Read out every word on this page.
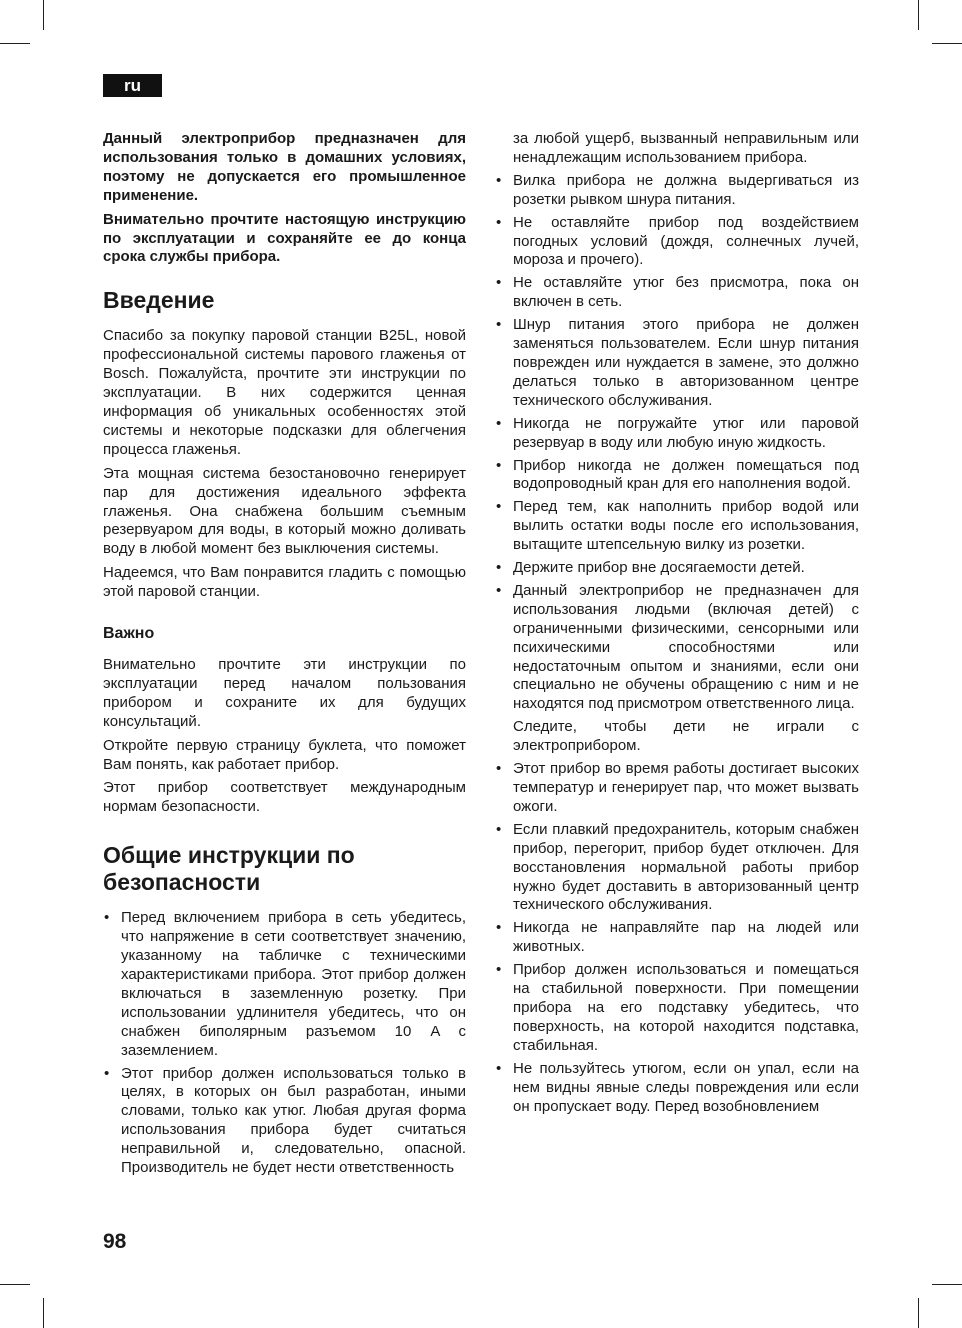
ru

Данный электроприбор предназначен для использования только в домашних условиях, поэтому не допускается его промышленное применение.

Внимательно прочтите настоящую инструкцию по эксплуатации и сохраняйте ее до конца срока службы прибора.

Введение

Спасибо за покупку паровой станции B25L, новой профессиональной системы парового глаженья от Bosch. Пожалуйста, прочтите эти инструкции по эксплуатации. В них содержится ценная информация об уникальных особенностях этой системы и некоторые подсказки для облегчения процесса глаженья.

Эта мощная система безостановочно генерирует пар для достижения идеального эффекта глаженья. Она снабжена большим съемным резервуаром для воды, в который можно доливать воду в любой момент без выключения системы.

Надеемся, что Вам понравится гладить с помощью этой паровой станции.

Важно

Внимательно прочтите эти инструкции по эксплуатации перед началом пользования прибором и сохраните их для будущих консультаций.

Откройте первую страницу буклета, что поможет Вам понять, как работает прибор.

Этот прибор соответствует международным нормам безопасности.

Общие инструкции по безопасности
• Перед включением прибора в сеть убедитесь, что напряжение в сети соответствует значению, указанному на табличке с техническими характеристиками прибора. Этот прибор должен включаться в заземленную розетку. При использовании удлинителя убедитесь, что он снабжен биполярным разъемом 10 A с заземлением.
• Этот прибор должен использоваться только в целях, в которых он был разработан, иными словами, только как утюг. Любая другая форма использования прибора будет считаться неправильной и, следовательно, опасной. Производитель не будет нести ответственность
за любой ущерб, вызванный неправильным или ненадлежащим использованием прибора.
• Вилка прибора не должна выдергиваться из розетки рывком шнура питания.
• Не оставляйте прибор под воздействием погодных условий (дождя, солнечных лучей, мороза и прочего).
• Не оставляйте утюг без присмотра, пока он включен в сеть.
• Шнур питания этого прибора не должен заменяться пользователем. Если шнур питания поврежден или нуждается в замене, это должно делаться только в авторизованном центре технического обслуживания.
• Никогда не погружайте утюг или паровой резервуар в воду или любую иную жидкость.
• Прибор никогда не должен помещаться под водопроводный кран для его наполнения водой.
• Перед тем, как наполнить прибор водой или вылить остатки воды после его использования, вытащите штепсельную вилку из розетки.
• Держите прибор вне досягаемости детей.
• Данный электроприбор не предназначен для использования людьми (включая детей) с ограниченными физическими, сенсорными или психическими способностями или недостаточным опытом и знаниями, если они специально не обучены обращению с ним и не находятся под присмотром ответственного лица.
Следите, чтобы дети не играли с электроприбором.
• Этот прибор во время работы достигает высоких температур и генерирует пар, что может вызвать ожоги.
• Если плавкий предохранитель, которым снабжен прибор, перегорит, прибор будет отключен. Для восстановления нормальной работы прибор нужно будет доставить в авторизованный центр технического обслуживания.
• Никогда не направляйте пар на людей или животных.
• Прибор должен использоваться и помещаться на стабильной поверхности. При помещении прибора на его подставку убедитесь, что поверхность, на которой находится подставка, стабильная.
• Не пользуйтесь утюгом, если он упал, если на нем видны явные следы повреждения или если он пропускает воду. Перед возобновлением
98
